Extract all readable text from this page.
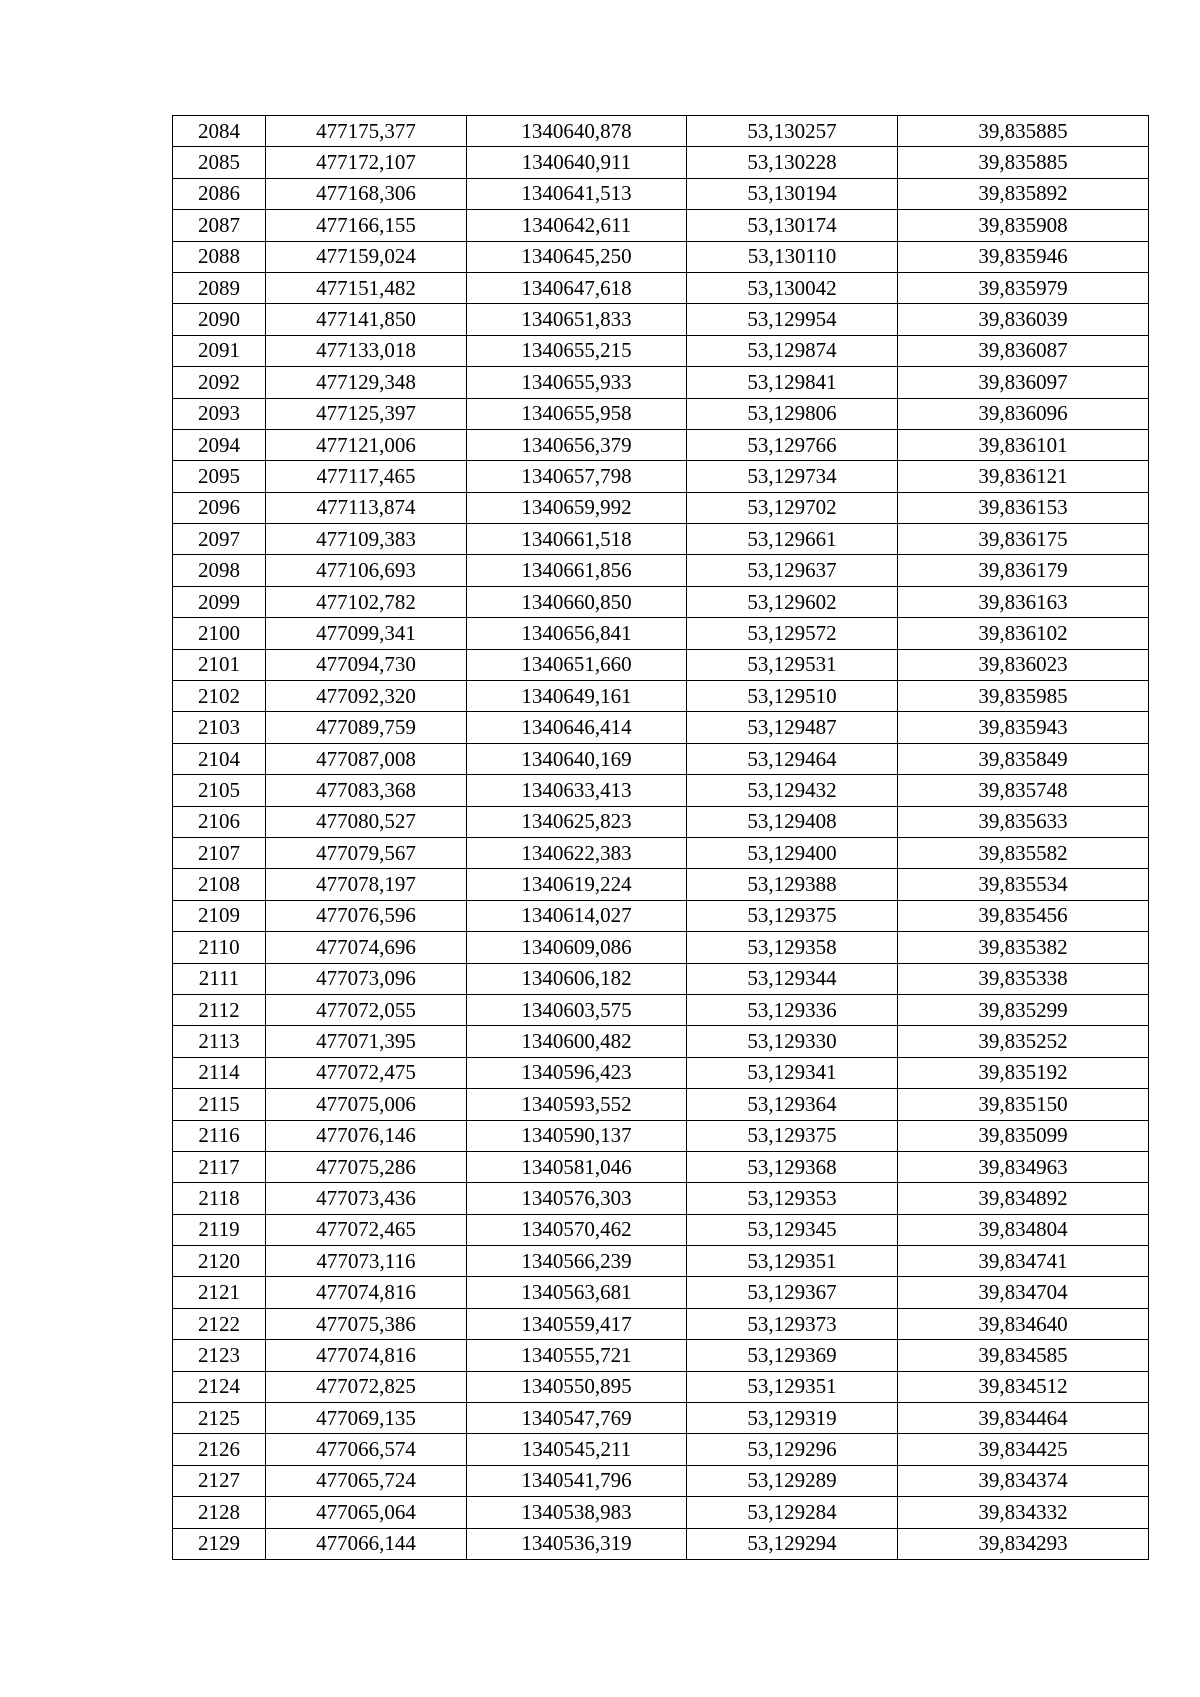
2084	477175,377	1340640,878	53,130257	39,835885
2085	477172,107	1340640,911	53,130228	39,835885
2086	477168,306	1340641,513	53,130194	39,835892
2087	477166,155	1340642,611	53,130174	39,835908
2088	477159,024	1340645,250	53,130110	39,835946
2089	477151,482	1340647,618	53,130042	39,835979
2090	477141,850	1340651,833	53,129954	39,836039
2091	477133,018	1340655,215	53,129874	39,836087
2092	477129,348	1340655,933	53,129841	39,836097
2093	477125,397	1340655,958	53,129806	39,836096
2094	477121,006	1340656,379	53,129766	39,836101
2095	477117,465	1340657,798	53,129734	39,836121
2096	477113,874	1340659,992	53,129702	39,836153
2097	477109,383	1340661,518	53,129661	39,836175
2098	477106,693	1340661,856	53,129637	39,836179
2099	477102,782	1340660,850	53,129602	39,836163
2100	477099,341	1340656,841	53,129572	39,836102
2101	477094,730	1340651,660	53,129531	39,836023
2102	477092,320	1340649,161	53,129510	39,835985
2103	477089,759	1340646,414	53,129487	39,835943
2104	477087,008	1340640,169	53,129464	39,835849
2105	477083,368	1340633,413	53,129432	39,835748
2106	477080,527	1340625,823	53,129408	39,835633
2107	477079,567	1340622,383	53,129400	39,835582
2108	477078,197	1340619,224	53,129388	39,835534
2109	477076,596	1340614,027	53,129375	39,835456
2110	477074,696	1340609,086	53,129358	39,835382
2111	477073,096	1340606,182	53,129344	39,835338
2112	477072,055	1340603,575	53,129336	39,835299
2113	477071,395	1340600,482	53,129330	39,835252
2114	477072,475	1340596,423	53,129341	39,835192
2115	477075,006	1340593,552	53,129364	39,835150
2116	477076,146	1340590,137	53,129375	39,835099
2117	477075,286	1340581,046	53,129368	39,834963
2118	477073,436	1340576,303	53,129353	39,834892
2119	477072,465	1340570,462	53,129345	39,834804
2120	477073,116	1340566,239	53,129351	39,834741
2121	477074,816	1340563,681	53,129367	39,834704
2122	477075,386	1340559,417	53,129373	39,834640
2123	477074,816	1340555,721	53,129369	39,834585
2124	477072,825	1340550,895	53,129351	39,834512
2125	477069,135	1340547,769	53,129319	39,834464
2126	477066,574	1340545,211	53,129296	39,834425
2127	477065,724	1340541,796	53,129289	39,834374
2128	477065,064	1340538,983	53,129284	39,834332
2129	477066,144	1340536,319	53,129294	39,834293
